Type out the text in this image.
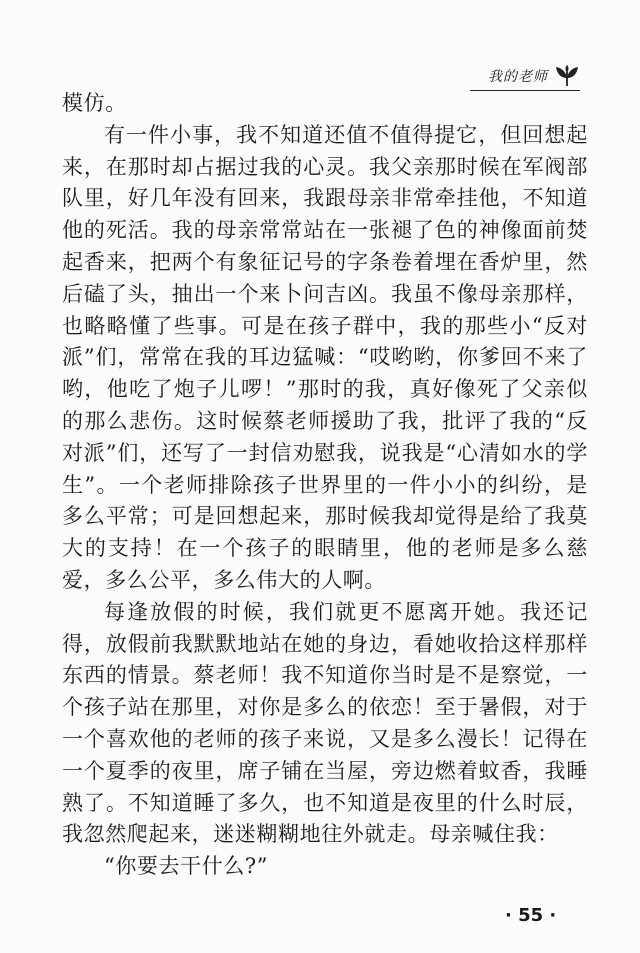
我的老师

模仿。

有一件小事，我不知道还值不值得提它，但回想起来，在那时却占据过我的心灵。我父亲那时候在军阀部队里，好几年没有回来，我跟母亲非常牵挂他，不知道他的死活。我的母亲常常站在一张褪了色的神像面前焚起香来，把两个有象征记号的字条卷着埋在香炉里，然后磕了头，抽出一个来卜问吉凶。我虽不像母亲那样，也略略懂了些事。可是在孩子群中，我的那些小“反对派”们，常常在我的耳边猛喊：“哎哟哟，你爹回不来了哟，他吃了炮子儿啰！”那时的我，真好像死了父亲似的那么悲伤。这时候蔡老师援助了我，批评了我的“反对派”们，还写了一封信劝慰我，说我是“心清如水的学生”。一个老师排除孩子世界里的一件小小的纠纷，是多么平常；可是回想起来，那时候我却觉得是给了我莫大的支持！在一个孩子的眼睛里，他的老师是多么慈爱，多么公平，多么伟大的人啊。

每逢放假的时候，我们就更不愿离开她。我还记得，放假前我默默地站在她的身边，看她收拾这样那样东西的情景。蔡老师！我不知道你当时是不是察觉，一个孩子站在那里，对你是多么的依恋！至于暑假，对于一个喜欢他的老师的孩子来说，又是多么漫长！记得在一个夏季的夜里，席子铺在当屋，旁边燃着蚊香，我睡熟了。不知道睡了多久，也不知道是夜里的什么时辰，我忽然爬起来，迷迷糊糊地往外就走。母亲喊住我：

“你要去干什么?”

· 55 ·
